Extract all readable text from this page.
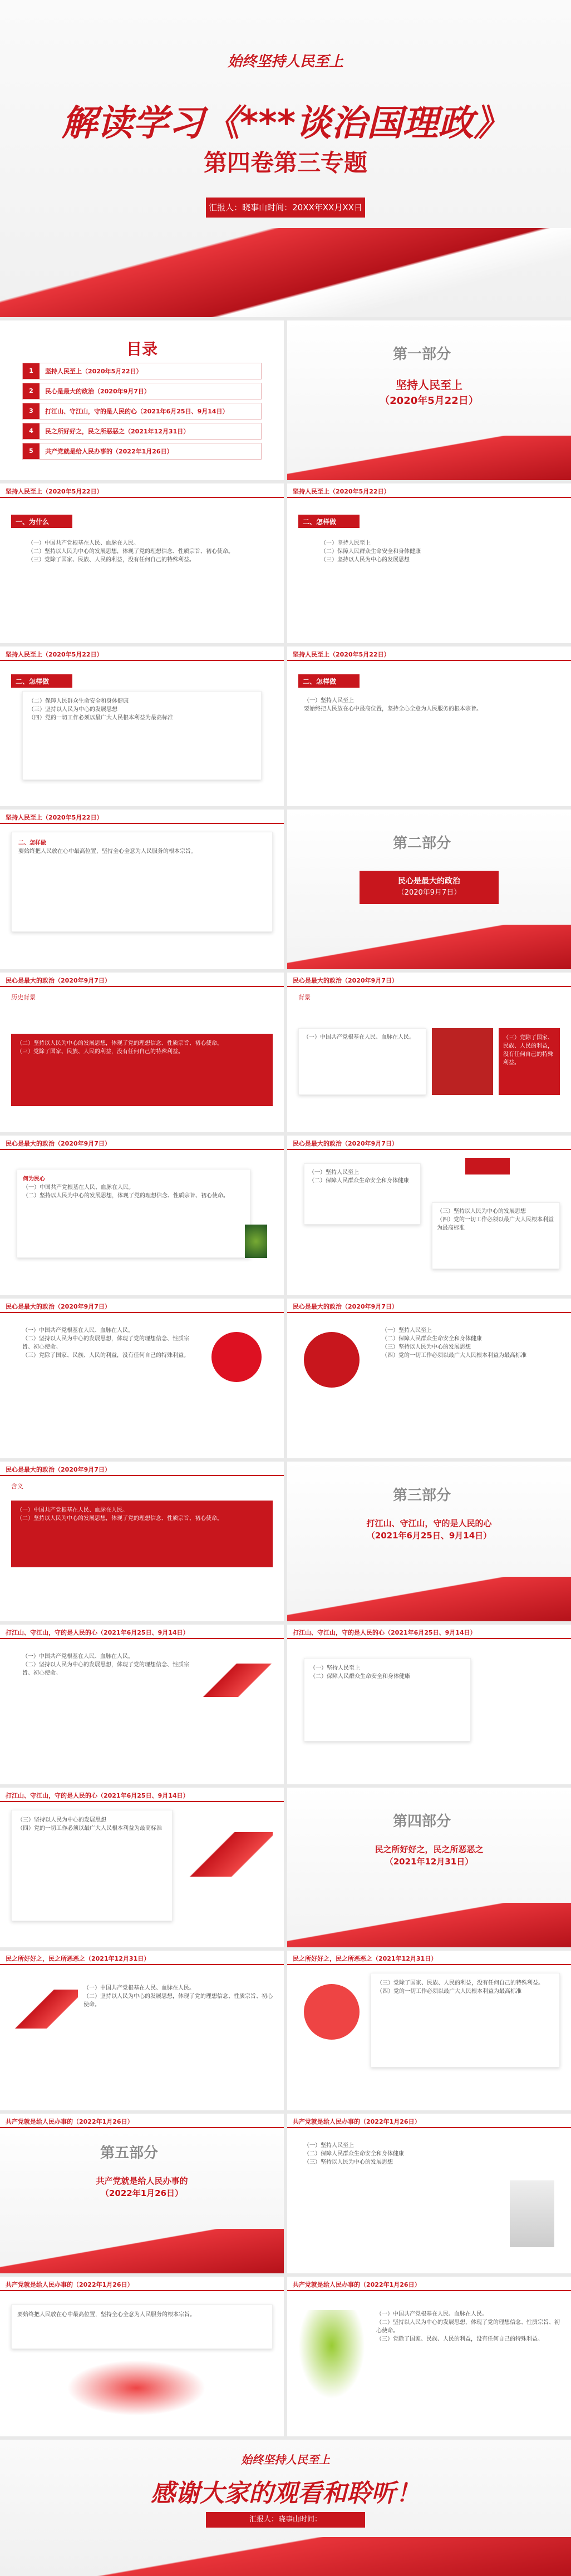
始终坚持人民至上
解读学习《***谈治国理政》
第四卷第三专题
汇报人：晓事山时间：20XX年XX月XX日
目录
1	坚持人民至上（2020年5月22日）
2	民心是最大的政治（2020年9月7日）
3	打江山、守江山，守的是人民的心（2021年6月25日、9月14日）
4	民之所好好之，民之所恶恶之（2021年12月31日）
5	共产党就是给人民办事的（2022年1月26日）
第一部分
坚持人民至上
（2020年5月22日）
坚持人民至上（2020年5月22日）
一、为什么
（一）中国共产党根基在人民、血脉在人民。
（二）坚持以人民为中心的发展思想，体现了党的理想信念、性质宗旨、初心使命。
（三）党除了国家、民族、人民的利益，没有任何自己的特殊利益。
坚持人民至上（2020年5月22日）
二、怎样做
（一）坚持人民至上
（二）保障人民群众生命安全和身体健康
（三）坚持以人民为中心的发展思想
坚持人民至上（2020年5月22日）
二、怎样做
（二）保障人民群众生命安全和身体健康
（三）坚持以人民为中心的发展思想
（四）党的一切工作必须以最广大人民根本利益为最高标准
坚持人民至上（2020年5月22日）
二、怎样做
（一）坚持人民至上
要始终把人民放在心中最高位置，坚持全心全意为人民服务的根本宗旨。
坚持人民至上（2020年5月22日）
二、怎样做
要始终把人民放在心中最高位置，坚持全心全意为人民服务的根本宗旨。	第二部分
民心是最大的政治
（2020年9月7日）
民心是最大的政治（2020年9月7日）
历史背景
（二）坚持以人民为中心的发展思想，体现了党的理想信念、性质宗旨、初心使命。
（三）党除了国家、民族、人民的利益，没有任何自己的特殊利益。
民心是最大的政治（2020年9月7日）
背景
（一）中国共产党根基在人民、血脉在人民。	（三）党除了国家、民族、人民的利益，没有任何自己的特殊利益。
民心是最大的政治（2020年9月7日）
何为民心
（一）中国共产党根基在人民、血脉在人民。
（二）坚持以人民为中心的发展思想，体现了党的理想信念、性质宗旨、初心使命。
民心是最大的政治（2020年9月7日）
（一）坚持人民至上
（二）保障人民群众生命安全和身体健康
（三）坚持以人民为中心的发展思想
（四）党的一切工作必须以最广大人民根本利益为最高标准
民心是最大的政治（2020年9月7日）
（一）中国共产党根基在人民、血脉在人民。
（二）坚持以人民为中心的发展思想，体现了党的理想信念、性质宗旨、初心使命。
（三）党除了国家、民族、人民的利益，没有任何自己的特殊利益。
民心是最大的政治（2020年9月7日）
（一）坚持人民至上
（二）保障人民群众生命安全和身体健康
（三）坚持以人民为中心的发展思想
（四）党的一切工作必须以最广大人民根本利益为最高标准
民心是最大的政治（2020年9月7日）
含义
（一）中国共产党根基在人民、血脉在人民。
（二）坚持以人民为中心的发展思想，体现了党的理想信念、性质宗旨、初心使命。
第三部分
打江山、守江山，守的是人民的心
（2021年6月25日、9月14日）
打江山、守江山，守的是人民的心（2021年6月25日、9月14日）
（一）中国共产党根基在人民、血脉在人民。
（二）坚持以人民为中心的发展思想，体现了党的理想信念、性质宗旨、初心使命。
打江山、守江山，守的是人民的心（2021年6月25日、9月14日）
（一）坚持人民至上
（二）保障人民群众生命安全和身体健康
打江山、守江山，守的是人民的心（2021年6月25日、9月14日）
（三）坚持以人民为中心的发展思想
（四）党的一切工作必须以最广大人民根本利益为最高标准	第四部分
民之所好好之，民之所恶恶之
（2021年12月31日）
民之所好好之，民之所恶恶之（2021年12月31日）
（一）中国共产党根基在人民、血脉在人民。
（二）坚持以人民为中心的发展思想，体现了党的理想信念、性质宗旨、初心使命。
民之所好好之，民之所恶恶之（2021年12月31日）
（三）党除了国家、民族、人民的利益，没有任何自己的特殊利益。
（四）党的一切工作必须以最广大人民根本利益为最高标准
共产党就是给人民办事的（2022年1月26日）
第五部分
共产党就是给人民办事的
（2022年1月26日）
共产党就是给人民办事的（2022年1月26日）
（一）坚持人民至上
（二）保障人民群众生命安全和身体健康
（三）坚持以人民为中心的发展思想
共产党就是给人民办事的（2022年1月26日）
要始终把人民放在心中最高位置，坚持全心全意为人民服务的根本宗旨。
共产党就是给人民办事的（2022年1月26日）
（一）中国共产党根基在人民、血脉在人民。
（二）坚持以人民为中心的发展思想，体现了党的理想信念、性质宗旨、初心使命。
（三）党除了国家、民族、人民的利益，没有任何自己的特殊利益。
始终坚持人民至上
感谢大家的观看和聆听！
汇报人：晓事山时间：
